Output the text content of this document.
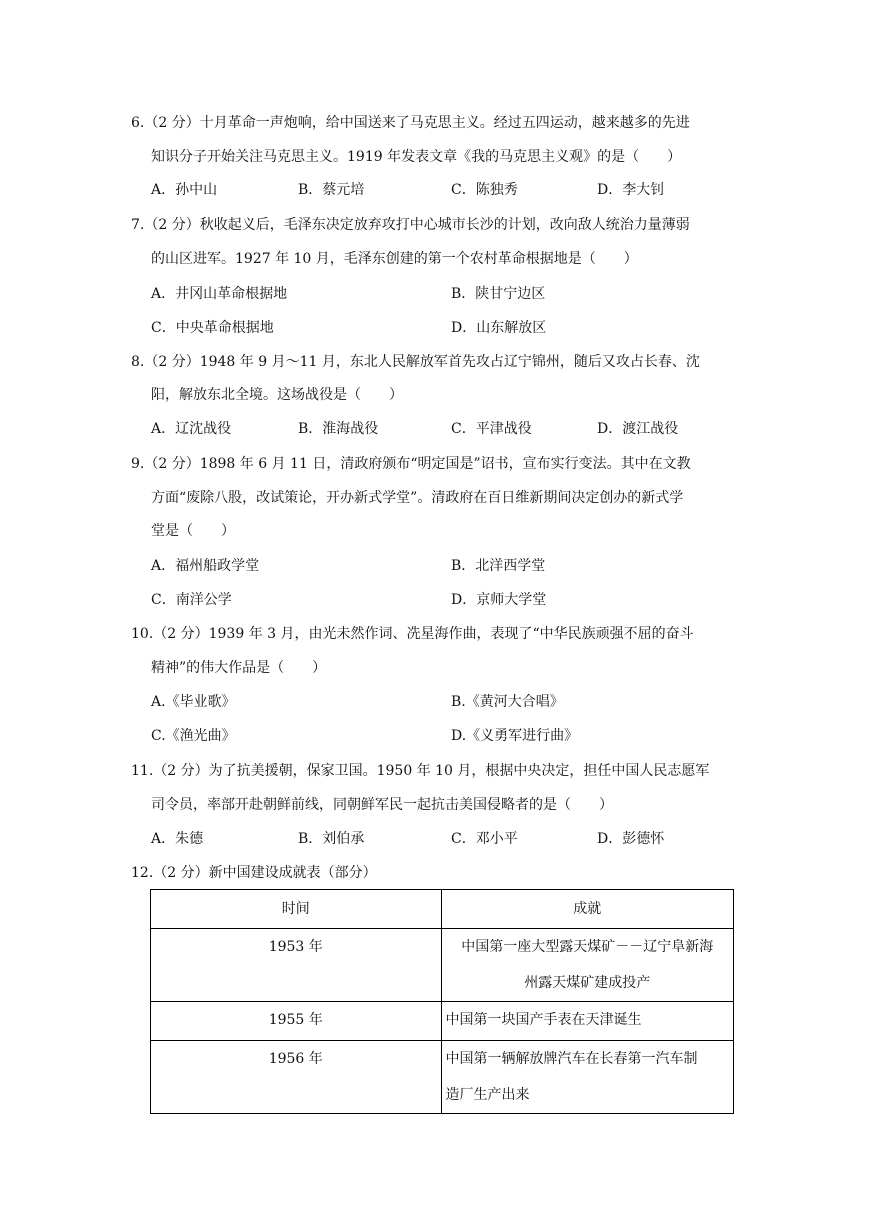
6.（2 分）十月革命一声炮响，给中国送来了马克思主义。经过五四运动，越来越多的先进
知识分子开始关注马克思主义。1919 年发表文章《我的马克思主义观》的是（　　）
A．孙中山	B．蔡元培	C．陈独秀	D．李大钊
7.（2 分）秋收起义后，毛泽东决定放弃攻打中心城市长沙的计划，改向敌人统治力量薄弱
的山区进军。1927 年 10 月，毛泽东创建的第一个农村革命根据地是（　　）
A．井冈山革命根据地	B．陕甘宁边区
C．中央革命根据地	D．山东解放区
8.（2 分）1948 年 9 月～11 月，东北人民解放军首先攻占辽宁锦州，随后又攻占长春、沈
阳，解放东北全境。这场战役是（　　）
A．辽沈战役	B．淮海战役	C．平津战役	D．渡江战役
9.（2 分）1898 年 6 月 11 日，清政府颁布“明定国是”诏书，宣布实行变法。其中在文教
方面“废除八股，改试策论，开办新式学堂”。清政府在百日维新期间决定创办的新式学
堂是（　　）
A．福州船政学堂	B．北洋西学堂
C．南洋公学	D．京师大学堂
10.（2 分）1939 年 3 月，由光未然作词、冼星海作曲，表现了“中华民族顽强不屈的奋斗
精神”的伟大作品是（　　）
A.《毕业歌》	B.《黄河大合唱》
C.《渔光曲》	D.《义勇军进行曲》
11.（2 分）为了抗美援朝，保家卫国。1950 年 10 月，根据中央决定，担任中国人民志愿军
司令员，率部开赴朝鲜前线，同朝鲜军民一起抗击美国侵略者的是（　　）
A．朱德	B．刘伯承	C．邓小平	D．彭德怀
12.（2 分）新中国建设成就表（部分）
时间	成就
1953 年	中国第一座大型露天煤矿－－辽宁阜新海
州露天煤矿建成投产

1955 年	中国第一块国产手表在天津诞生
1956 年	中国第一辆解放牌汽车在长春第一汽车制
造厂生产出来
